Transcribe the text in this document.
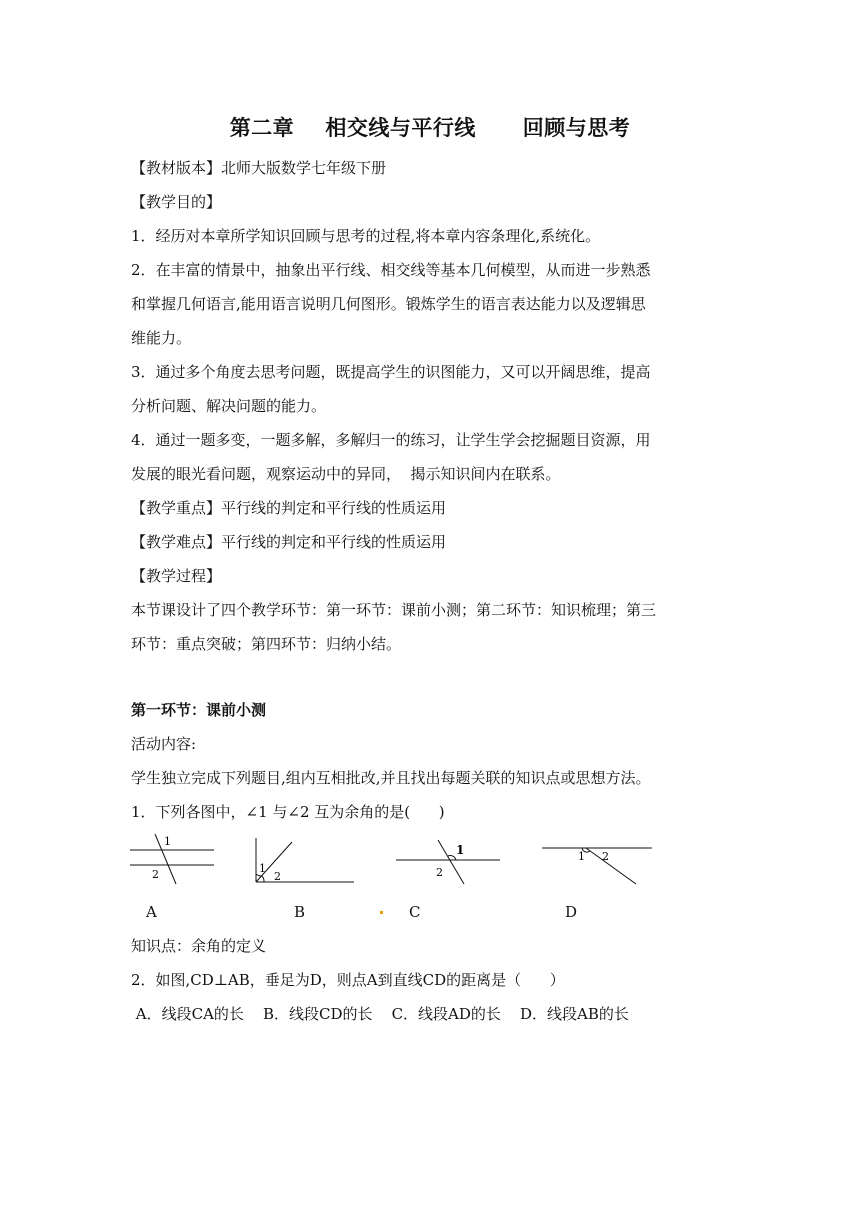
第二章    相交线与平行线      回顾与思考
【教材版本】北师大版数学七年级下册
【教学目的】
1．经历对本章所学知识回顾与思考的过程,将本章内容条理化,系统化。
2．在丰富的情景中，抽象出平行线、相交线等基本几何模型，从而进一步熟悉
和掌握几何语言,能用语言说明几何图形。锻炼学生的语言表达能力以及逻辑思
维能力。
3．通过多个角度去思考问题，既提高学生的识图能力，又可以开阔思维，提高
分析问题、解决问题的能力。
4．通过一题多变，一题多解，多解归一的练习，让学生学会挖掘题目资源，用
发展的眼光看问题，观察运动中的异同，  揭示知识间内在联系。
【教学重点】平行线的判定和平行线的性质运用
【教学难点】平行线的判定和平行线的性质运用
【教学过程】
本节课设计了四个教学环节：第一环节：课前小测；第二环节：知识梳理；第三
环节：重点突破；第四环节：归纳小结。
第一环节：课前小测
活动内容:
学生独立完成下列题目,组内互相批改,并且找出每题关联的知识点或思想方法。
1．下列各图中，∠1 与∠2 互为余角的是(      )
1
2	1
2
1
2
1 2
A	B	C	D
知识点：余角的定义
2．如图,CD⊥AB，垂足为D，则点A到直线CD的距离是（      ）
A．线段CA的长    B．线段CD的长    C．线段AD的长    D．线段AB的长
